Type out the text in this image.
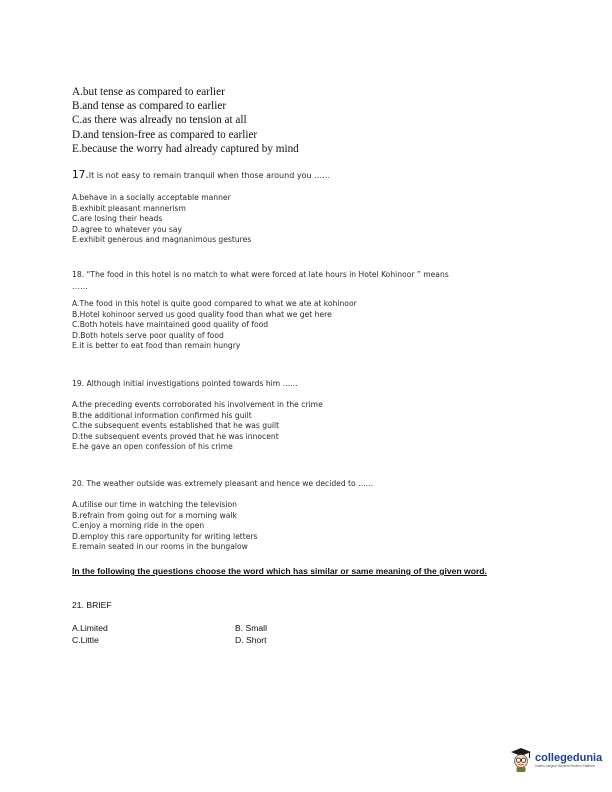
A.but tense as compared to earlier
B.and tense as compared to earlier
C.as there was already no tension at all
D.and tension-free as compared to earlier
E.because the worry had already captured by mind
17.It is not easy to remain tranquil when those around you ……
A.behave in a socially acceptable manner
B.exhibit pleasant mannerism
C.are losing their heads
D.agree to whatever you say
E.exhibit generous and magnanimous gestures
18. “The food in this hotel is no match to what were forced at late hours in Hotel Kohinoor ” means
……
A.The food in this hotel is quite good compared to what we ate at kohinoor
B.Hotel kohinoor served us good quality food than what we get here
C.Both hotels have maintained good quality of food
D.Both hotels serve poor quality of food
E.it is better to eat food than remain hungry
19. Although initial investigations pointed towards him ……
A.the preceding events corroborated his involvement in the crime
B.the additional information confirmed his guilt
C.the subsequent events established that he was guilt
D.the subsequent events proved that he was innocent
E.he gave an open confession of his crime
20. The weather outside was extremely pleasant and hence we decided to ……
A.utilise our time in watching the television
B.refrain from going out for a morning walk
C.enjoy a morning ride in the open
D.employ this rare opportunity for writing letters
E.remain seated in our rooms in the bungalow
In the following the questions choose the word which has similar or same meaning of the given word.
21. BRIEF
A.Limited	B. Small
C.Little	D. Short
collegedunia
India's Largest Student Review Platform
